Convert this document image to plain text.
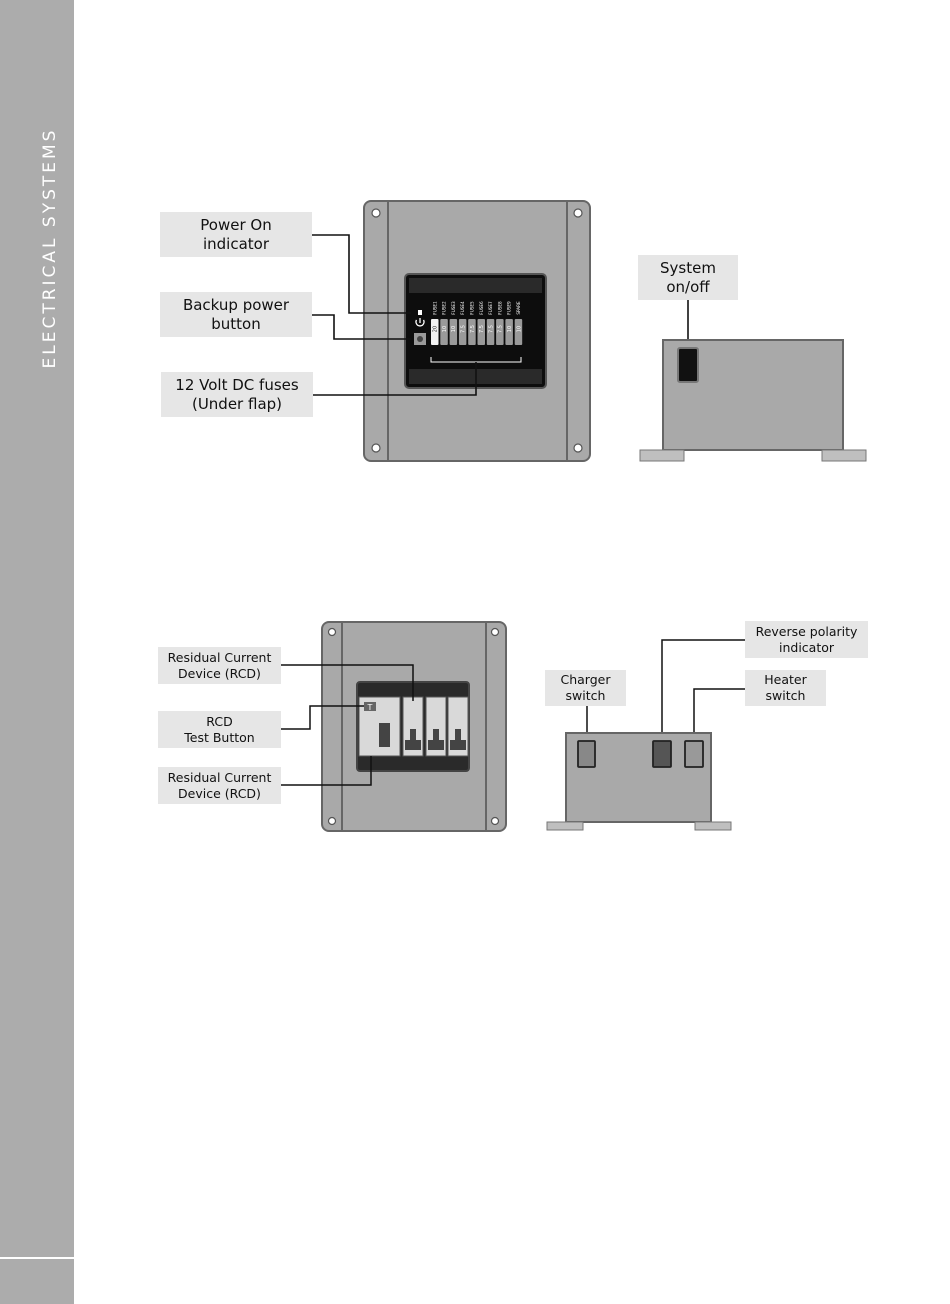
ELECTRICAL SYSTEMS	FUSE1
20
FUSE2
10
FUSE3
10
FUSE4
7.5
FUSE5
7.5
FUSE6
7.5
FUSE7
7.5
FUSE8
7.5
FUSE9
10
SPARE
10
T
Power On
indicator
Backup power
button
12 Volt DC fuses
(Under flap)
System
on/off
Residual Current
Device (RCD)
RCD
Test Button
Residual Current
Device (RCD)
Charger
switch
Reverse polarity
indicator
Heater
switch
